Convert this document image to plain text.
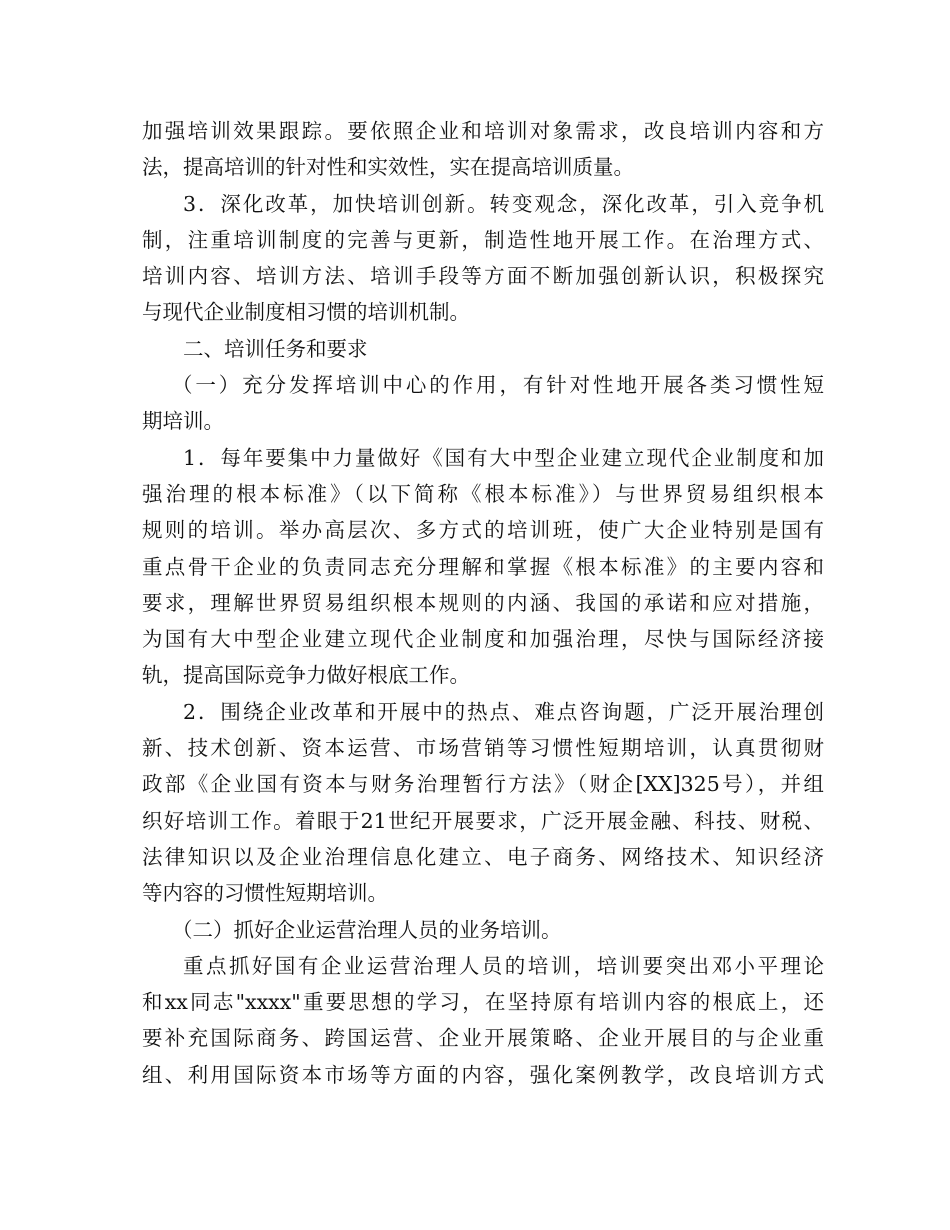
加强培训效果跟踪。要依照企业和培训对象需求，改良培训内容和方
法，提高培训的针对性和实效性，实在提高培训质量。
3．深化改革，加快培训创新。转变观念，深化改革，引入竞争机
制，注重培训制度的完善与更新，制造性地开展工作。在治理方式、
培训内容、培训方法、培训手段等方面不断加强创新认识，积极探究
与现代企业制度相习惯的培训机制。
二、培训任务和要求
（一）充分发挥培训中心的作用，有针对性地开展各类习惯性短
期培训。
1．每年要集中力量做好《国有大中型企业建立现代企业制度和加
强治理的根本标准》（以下简称《根本标准》）与世界贸易组织根本
规则的培训。举办高层次、多方式的培训班，使广大企业特别是国有
重点骨干企业的负责同志充分理解和掌握《根本标准》的主要内容和
要求，理解世界贸易组织根本规则的内涵、我国的承诺和应对措施，
为国有大中型企业建立现代企业制度和加强治理，尽快与国际经济接
轨，提高国际竞争力做好根底工作。
2．围绕企业改革和开展中的热点、难点咨询题，广泛开展治理创
新、技术创新、资本运营、市场营销等习惯性短期培训，认真贯彻财
政部《企业国有资本与财务治理暂行方法》（财企[XX]325号），并组
织好培训工作。着眼于21世纪开展要求，广泛开展金融、科技、财税、
法律知识以及企业治理信息化建立、电子商务、网络技术、知识经济
等内容的习惯性短期培训。
（二）抓好企业运营治理人员的业务培训。
重点抓好国有企业运营治理人员的培训，培训要突出邓小平理论
和xx同志"xxxx"重要思想的学习，在坚持原有培训内容的根底上，还
要补充国际商务、跨国运营、企业开展策略、企业开展目的与企业重
组、利用国际资本市场等方面的内容，强化案例教学，改良培训方式
